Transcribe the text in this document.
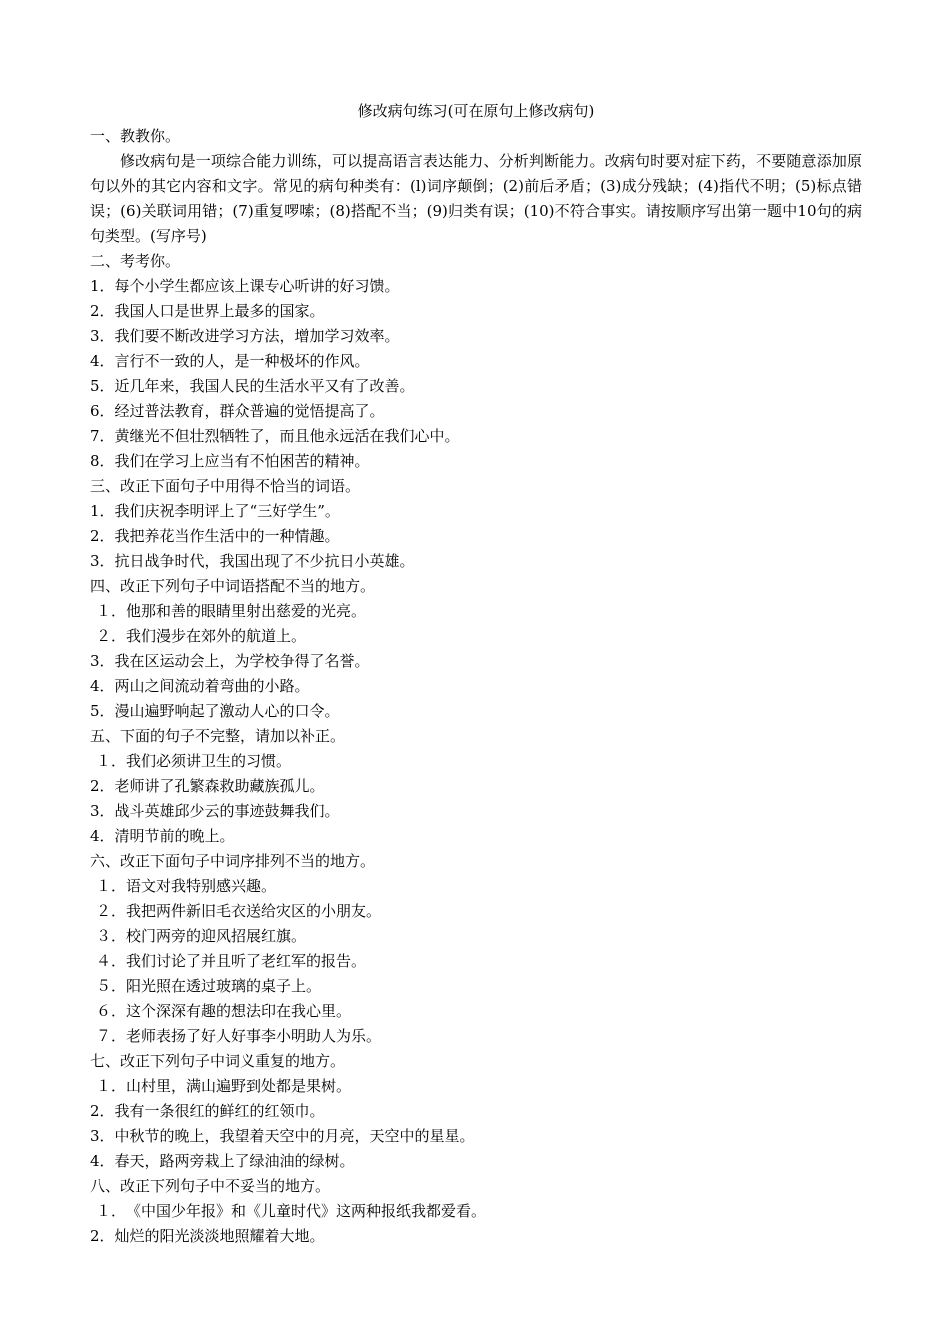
修改病句练习(可在原句上修改病句)
一、教教你。

修改病句是一项综合能力训练，可以提高语言表达能力、分析判断能力。改病句时要对症下药，不要随意添加原句以外的其它内容和文字。常见的病句种类有：(l)词序颠倒；(2)前后矛盾；(3)成分残缺；(4)指代不明；(5)标点错误；(6)关联词用错；(7)重复啰嗦；(8)搭配不当；(9)归类有误；(10)不符合事实。请按顺序写出第一题中10句的病句类型。(写序号)

二、考考你。
1．每个小学生都应该上课专心听讲的好习馈。
2．我国人口是世界上最多的国家。
3．我们要不断改进学习方法，增加学习效率。
4．言行不一致的人，是一种极坏的作风。
5．近几年来，我国人民的生活水平又有了改善。
6．经过普法教育，群众普遍的觉悟提高了。
7．黄继光不但壮烈牺牲了，而且他永远活在我们心中。
8．我们在学习上应当有不怕困苦的精神。
三、改正下面句子中用得不恰当的词语。
1．我们庆祝李明评上了“三好学生”。
2．我把养花当作生活中的一种情趣。
3．抗日战争时代，我国出现了不少抗日小英雄。
四、改正下列句子中词语搭配不当的地方。
１．他那和善的眼睛里射出慈爱的光亮。
２．我们漫步在郊外的航道上。
3．我在区运动会上，为学校争得了名誉。
4．两山之间流动着弯曲的小路。
5．漫山遍野响起了激动人心的口令。
五、下面的句子不完整，请加以补正。
１．我们必须讲卫生的习惯。
2．老师讲了孔繁森救助藏族孤儿。
3．战斗英雄邱少云的事迹鼓舞我们。
4．清明节前的晚上。
六、改正下面句子中词序排列不当的地方。
１．语文对我特别感兴趣。
２．我把两件新旧毛衣送给灾区的小朋友。
３．校门两旁的迎风招展红旗。
４．我们讨论了并且听了老红军的报告。
５．阳光照在透过玻璃的桌子上。
６．这个深深有趣的想法印在我心里。
７．老师表扬了好人好事李小明助人为乐。
七、改正下列句子中词义重复的地方。
１．山村里，满山遍野到处都是果树。
2．我有一条很红的鲜红的红领巾。
3．中秋节的晚上，我望着天空中的月亮，天空中的星星。
4．春天，路两旁栽上了绿油油的绿树。
八、改正下列句子中不妥当的地方。
１．《中国少年报》和《儿童时代》这两种报纸我都爱看。
2．灿烂的阳光淡淡地照耀着大地。
